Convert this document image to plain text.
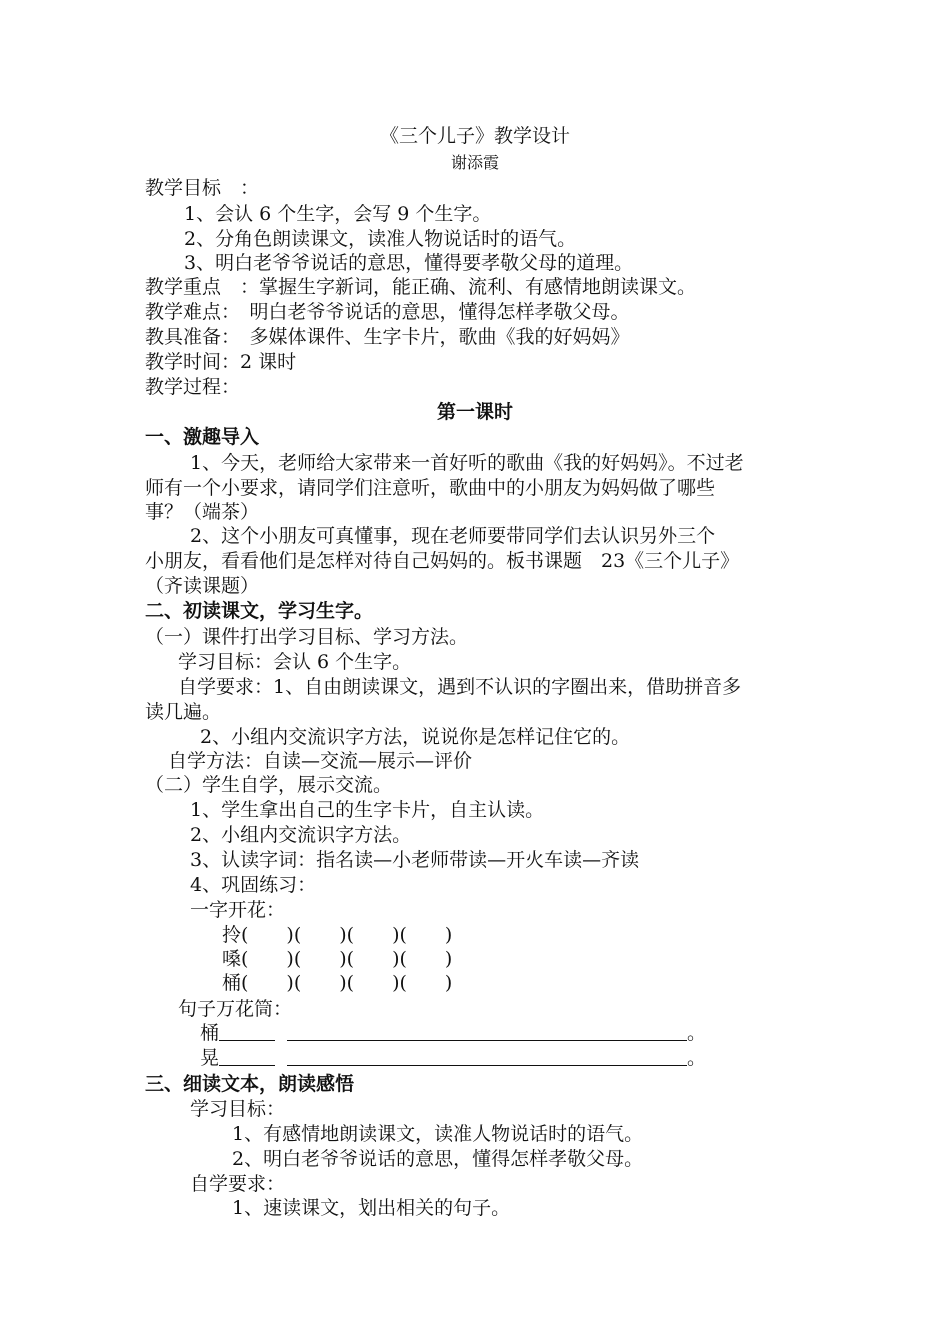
《三个儿子》教学设计
谢添霞
教学目标　：
1、会认 6 个生字，会写 9 个生字。
2、分角色朗读课文，读准人物说话时的语气。
3、明白老爷爷说话的意思，懂得要孝敬父母的道理。
教学重点　：掌握生字新词，能正确、流利、有感情地朗读课文。
教学难点：　明白老爷爷说话的意思，懂得怎样孝敬父母。
教具准备：　多媒体课件、生字卡片，歌曲《我的好妈妈》
教学时间：2 课时
教学过程：
第一课时
一、激趣导入
1、今天，老师给大家带来一首好听的歌曲《我的好妈妈》。不过老
师有一个小要求，请同学们注意听，歌曲中的小朋友为妈妈做了哪些
事？（端茶）
2、这个小朋友可真懂事，现在老师要带同学们去认识另外三个
小朋友，看看他们是怎样对待自己妈妈的。板书课题　23《三个儿子》
（齐读课题）
二、初读课文，学习生字。
（一）课件打出学习目标、学习方法。
学习目标：会认 6 个生字。
自学要求：1、自由朗读课文，遇到不认识的字圈出来，借助拼音多
读几遍。
2、小组内交流识字方法，说说你是怎样记住它的。
自学方法：自读—交流—展示—评价
（二）学生自学，展示交流。
1、学生拿出自己的生字卡片，自主认读。
2、小组内交流识字方法。
3、认读字词：指名读—小老师带读—开火车读—齐读
4、巩固练习：
一字开花：
拎(　　)(　　)(　　)(　　)
嗓(　　)(　　)(　　)(　　)
桶(　　)(　　)(　　)(　　)
句子万花筒：
桶	。
晃	。
三、细读文本，朗读感悟
学习目标：
1、有感情地朗读课文，读准人物说话时的语气。
2、明白老爷爷说话的意思，懂得怎样孝敬父母。
自学要求：
1、速读课文，划出相关的句子。
